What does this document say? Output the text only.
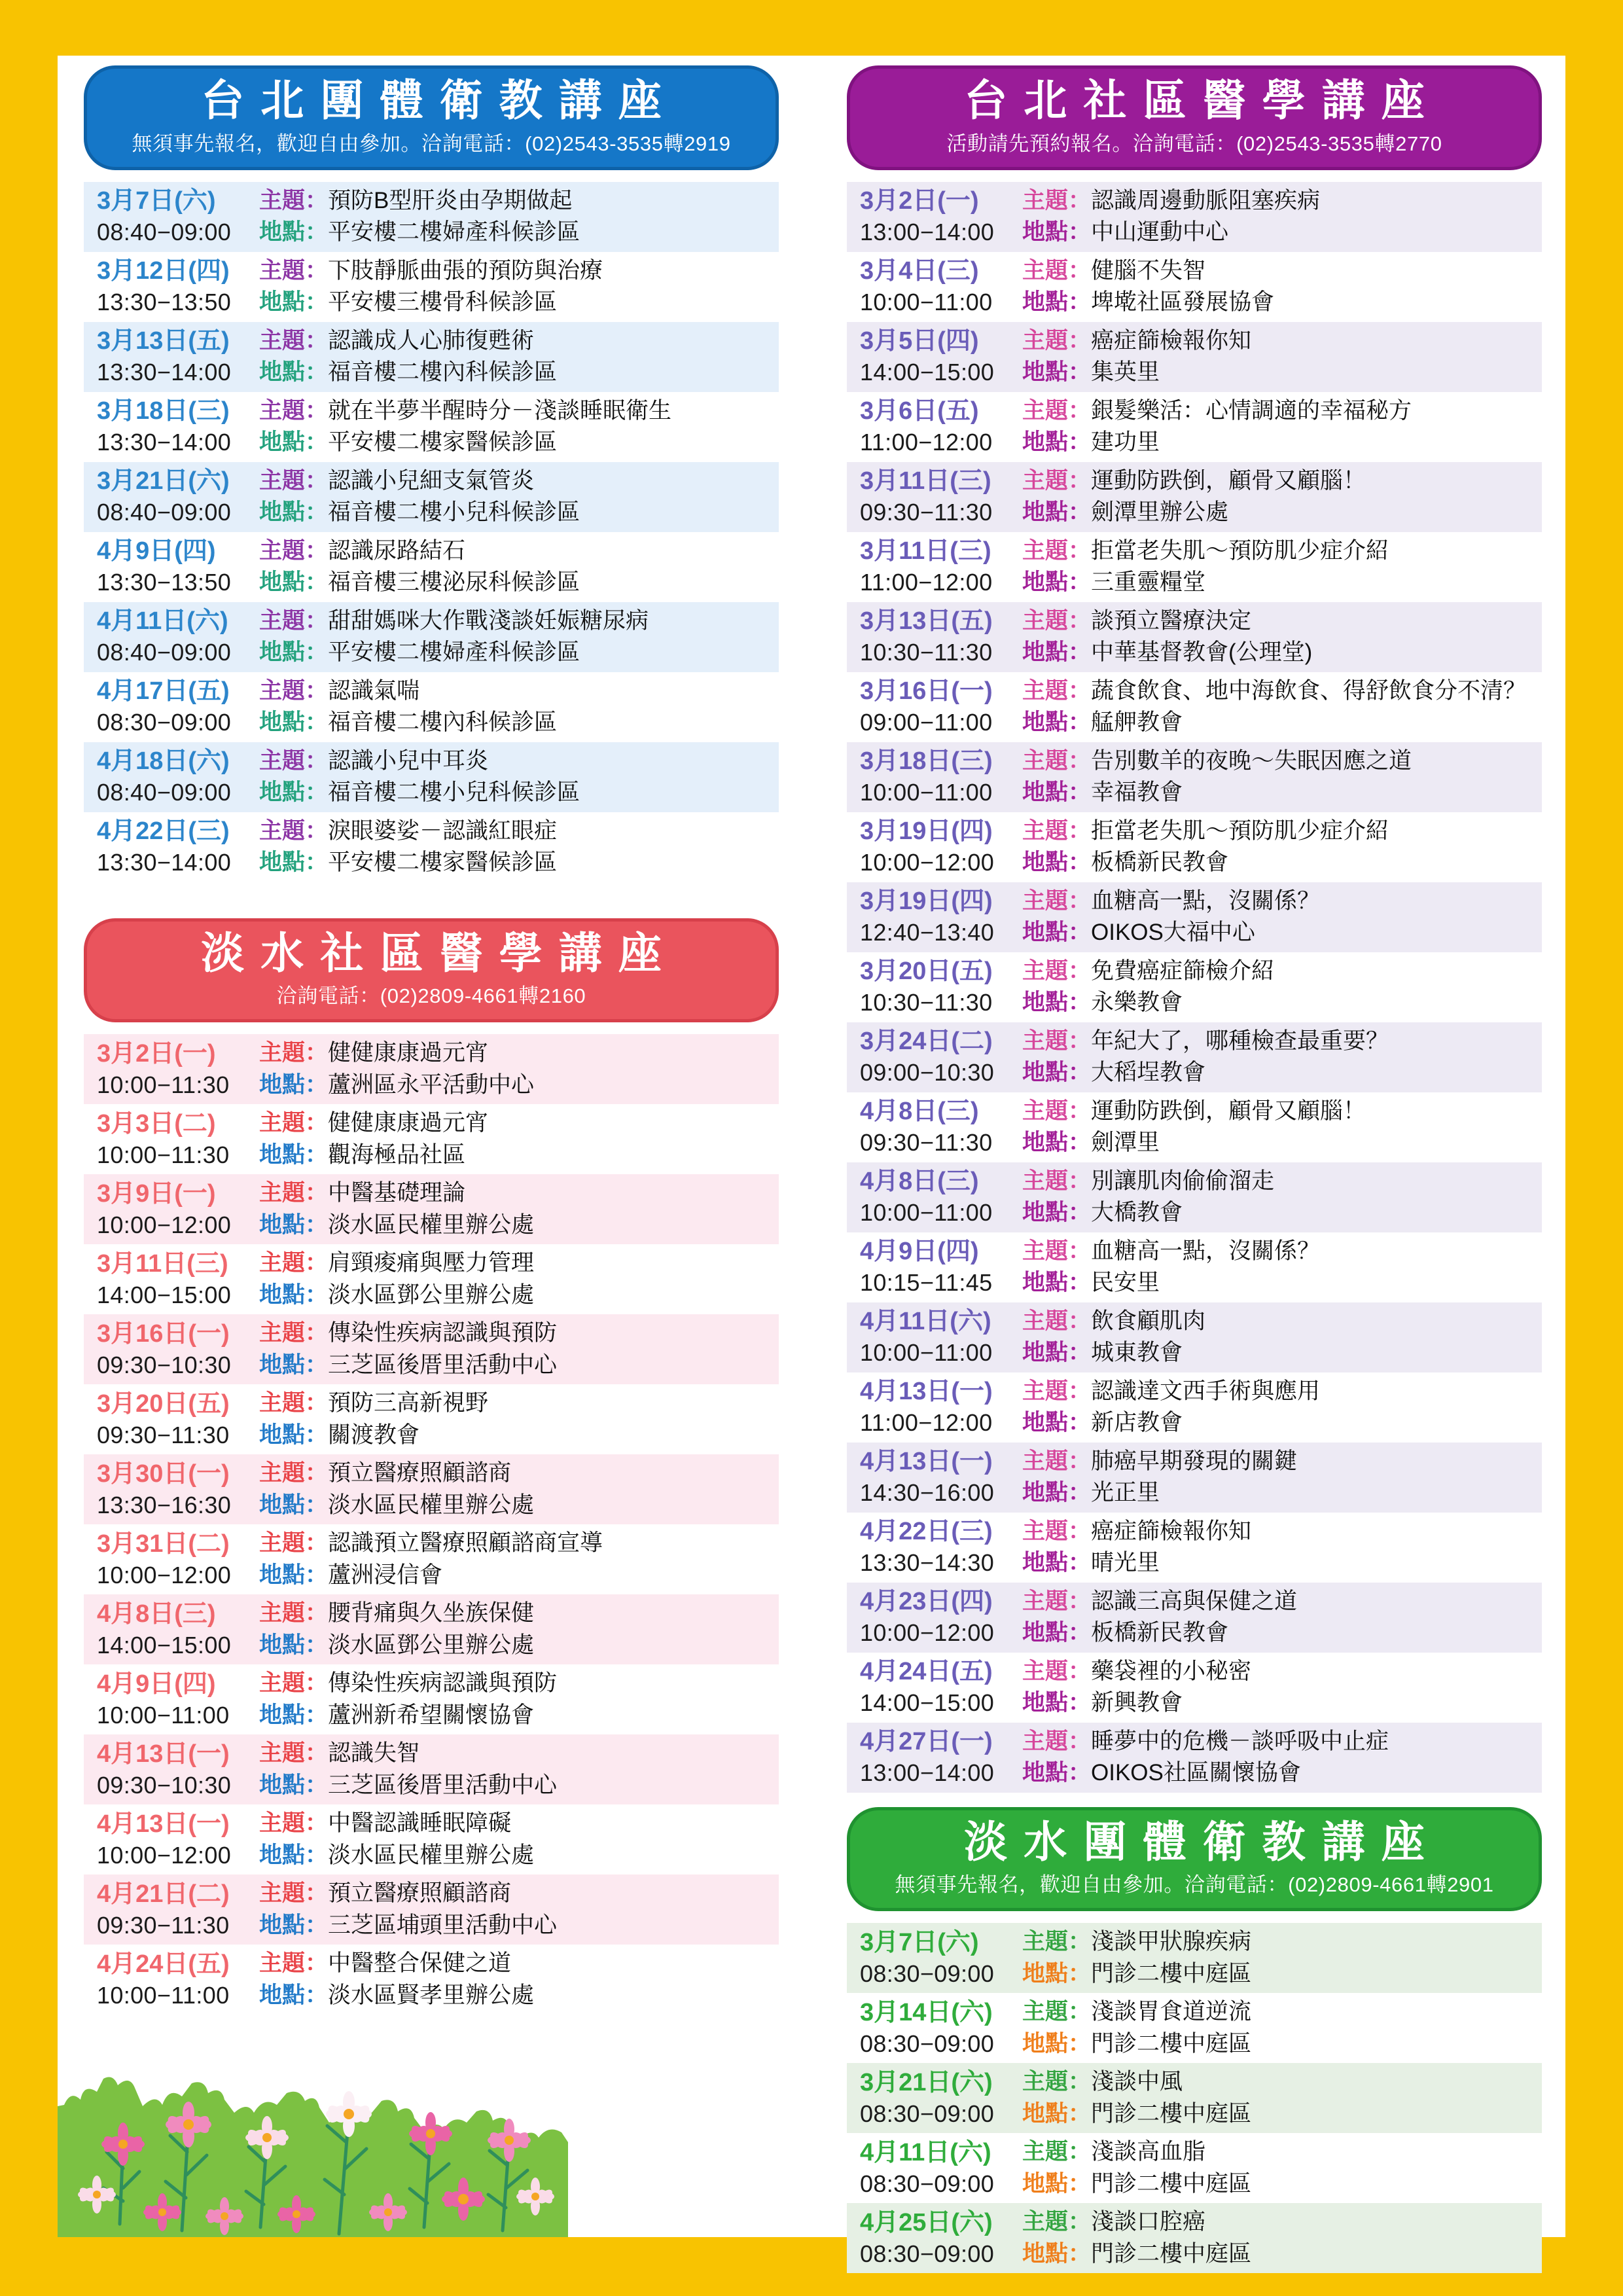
台北團體衛教講座
無須事先報名，歡迎自由參加。洽詢電話：(02)2543-3535轉2919
3月7日(六)
08:40−09:00
主題：預防B型肝炎由孕期做起
地點：平安樓二樓婦產科候診區
3月12日(四)
13:30−13:50
主題：下肢靜脈曲張的預防與治療
地點：平安樓三樓骨科候診區
3月13日(五)
13:30−14:00
主題：認識成人心肺復甦術
地點：福音樓二樓內科候診區
3月18日(三)
13:30−14:00
主題：就在半夢半醒時分－淺談睡眠衛生
地點：平安樓二樓家醫候診區
3月21日(六)
08:40−09:00
主題：認識小兒細支氣管炎
地點：福音樓二樓小兒科候診區
4月9日(四)
13:30−13:50
主題：認識尿路結石
地點：福音樓三樓泌尿科候診區
4月11日(六)
08:40−09:00
主題：甜甜媽咪大作戰淺談妊娠糖尿病
地點：平安樓二樓婦產科候診區
4月17日(五)
08:30−09:00
主題：認識氣喘
地點：福音樓二樓內科候診區
4月18日(六)
08:40−09:00
主題：認識小兒中耳炎
地點：福音樓二樓小兒科候診區
4月22日(三)
13:30−14:00
主題：淚眼婆娑－認識紅眼症
地點：平安樓二樓家醫候診區
淡水社區醫學講座
洽詢電話：(02)2809-4661轉2160
3月2日(一)
10:00−11:30
主題：健健康康過元宵
地點：蘆洲區永平活動中心
3月3日(二)
10:00−11:30
主題：健健康康過元宵
地點：觀海極品社區
3月9日(一)
10:00−12:00
主題：中醫基礎理論
地點：淡水區民權里辦公處
3月11日(三)
14:00−15:00
主題：肩頸痠痛與壓力管理
地點：淡水區鄧公里辦公處
3月16日(一)
09:30−10:30
主題：傳染性疾病認識與預防
地點：三芝區後厝里活動中心
3月20日(五)
09:30−11:30
主題：預防三高新視野
地點：關渡教會
3月30日(一)
13:30−16:30
主題：預立醫療照顧諮商
地點：淡水區民權里辦公處
3月31日(二)
10:00−12:00
主題：認識預立醫療照顧諮商宣導
地點：蘆洲浸信會
4月8日(三)
14:00−15:00
主題：腰背痛與久坐族保健
地點：淡水區鄧公里辦公處
4月9日(四)
10:00−11:00
主題：傳染性疾病認識與預防
地點：蘆洲新希望關懷協會
4月13日(一)
09:30−10:30
主題：認識失智
地點：三芝區後厝里活動中心
4月13日(一)
10:00−12:00
主題：中醫認識睡眠障礙
地點：淡水區民權里辦公處
4月21日(二)
09:30−11:30
主題：預立醫療照顧諮商
地點：三芝區埔頭里活動中心
4月24日(五)
10:00−11:00
主題：中醫整合保健之道
地點：淡水區賢孝里辦公處
台北社區醫學講座
活動請先預約報名。洽詢電話：(02)2543-3535轉2770
3月2日(一)
13:00−14:00
主題：認識周邊動脈阻塞疾病
地點：中山運動中心
3月4日(三)
10:00−11:00
主題：健腦不失智
地點：埤墘社區發展協會
3月5日(四)
14:00−15:00
主題：癌症篩檢報你知
地點：集英里
3月6日(五)
11:00−12:00
主題：銀髮樂活：心情調適的幸福秘方
地點：建功里
3月11日(三)
09:30−11:30
主題：運動防跌倒，顧骨又顧腦！
地點：劍潭里辦公處
3月11日(三)
11:00−12:00
主題：拒當老失肌～預防肌少症介紹
地點：三重靈糧堂
3月13日(五)
10:30−11:30
主題：談預立醫療決定
地點：中華基督教會(公理堂)
3月16日(一)
09:00−11:00
主題：蔬食飲食、地中海飲食、得舒飲食分不清？
地點：艋舺教會
3月18日(三)
10:00−11:00
主題：告別數羊的夜晚～失眠因應之道
地點：幸福教會
3月19日(四)
10:00−12:00
主題：拒當老失肌～預防肌少症介紹
地點：板橋新民教會
3月19日(四)
12:40−13:40
主題：血糖高一點，沒關係？
地點：OIKOS大福中心
3月20日(五)
10:30−11:30
主題：免費癌症篩檢介紹
地點：永樂教會
3月24日(二)
09:00−10:30
主題：年紀大了，哪種檢查最重要？
地點：大稻埕教會
4月8日(三)
09:30−11:30
主題：運動防跌倒，顧骨又顧腦！
地點：劍潭里
4月8日(三)
10:00−11:00
主題：別讓肌肉偷偷溜走
地點：大橋教會
4月9日(四)
10:15−11:45
主題：血糖高一點，沒關係？
地點：民安里
4月11日(六)
10:00−11:00
主題：飲食顧肌肉
地點：城東教會
4月13日(一)
11:00−12:00
主題：認識達文西手術與應用
地點：新店教會
4月13日(一)
14:30−16:00
主題：肺癌早期發現的關鍵
地點：光正里
4月22日(三)
13:30−14:30
主題：癌症篩檢報你知
地點：晴光里
4月23日(四)
10:00−12:00
主題：認識三高與保健之道
地點：板橋新民教會
4月24日(五)
14:00−15:00
主題：藥袋裡的小秘密
地點：新興教會
4月27日(一)
13:00−14:00
主題：睡夢中的危機－談呼吸中止症
地點：OIKOS社區關懷協會
淡水團體衛教講座
無須事先報名，歡迎自由參加。洽詢電話：(02)2809-4661轉2901
3月7日(六)
08:30−09:00
主題：淺談甲狀腺疾病
地點：門診二樓中庭區
3月14日(六)
08:30−09:00
主題：淺談胃食道逆流
地點：門診二樓中庭區
3月21日(六)
08:30−09:00
主題：淺談中風
地點：門診二樓中庭區
4月11日(六)
08:30−09:00
主題：淺談高血脂
地點：門診二樓中庭區
4月25日(六)
08:30−09:00
主題：淺談口腔癌
地點：門診二樓中庭區
